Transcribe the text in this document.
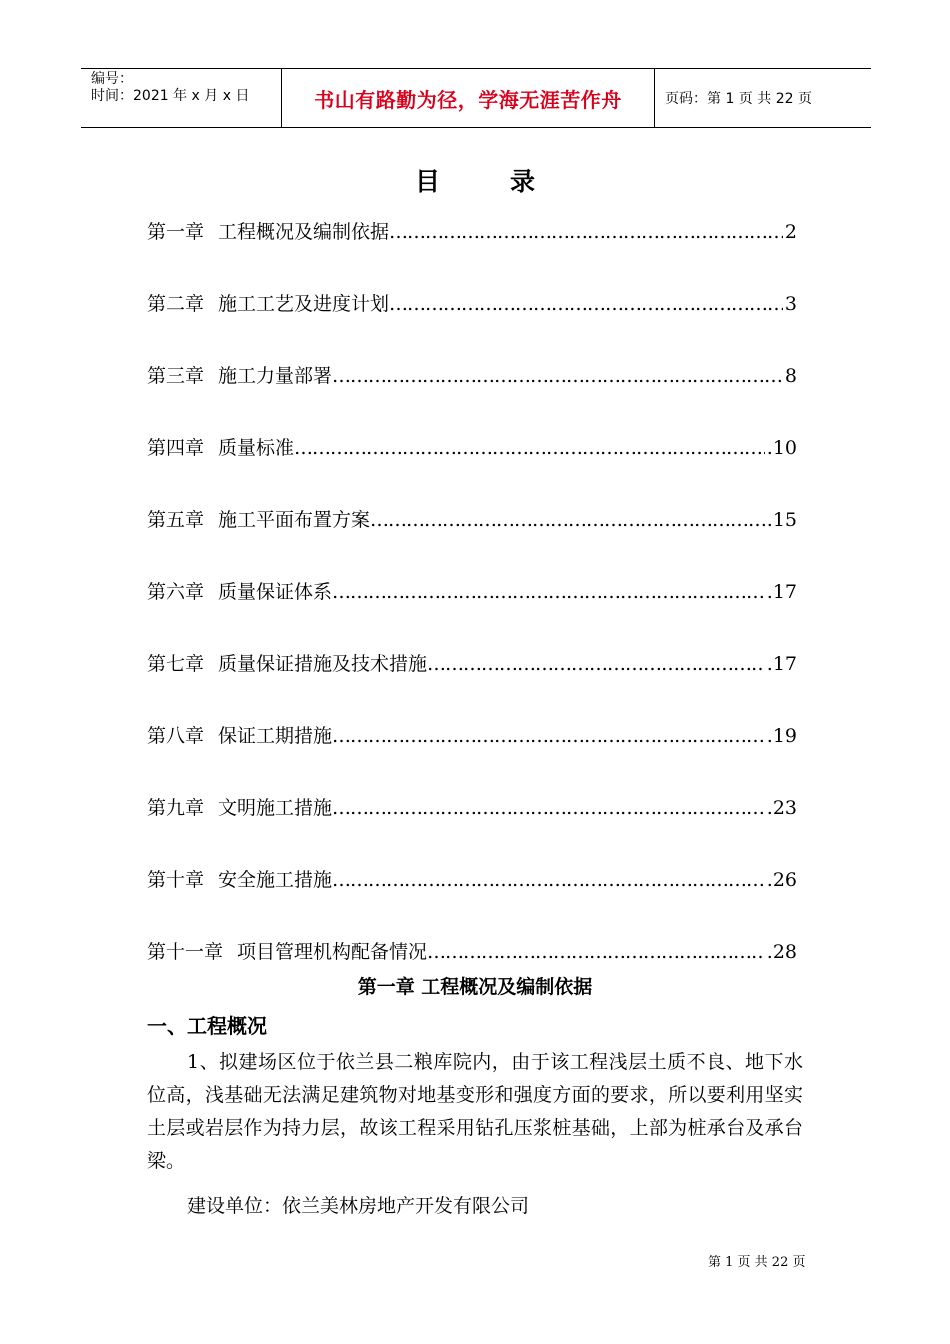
编号：
时间：2021 年 x 月 x 日	书山有路勤为径，学海无涯苦作舟	页码：第 1 页 共 22 页
目	录
第一章 工程概况及编制依据 ……………………………………………………………………………………………………………………	2
第二章 施工工艺及进度计划 ……………………………………………………………………………………………………………………	3
第三章 施工力量部署 ……………………………………………………………………………………………………………………	8
第四章 质量标准 ……………………………………………………………………………………………………………………	.10
第五章 施工平面布置方案 ……………………………………………………………………………………………………………………	.15
第六章 质量保证体系 ……………………………………………………………………………………………………………………	.17
第七章 质量保证措施及技术措施 ……………………………………………………………………………………………………………………	.17
第八章 保证工期措施 ……………………………………………………………………………………………………………………	.19
第九章 文明施工措施 ……………………………………………………………………………………………………………………	.23
第十章 安全施工措施 ……………………………………………………………………………………………………………………	.26
第十一章 项目管理机构配备情况 ……………………………………………………………………………………………………………………	.28
第一章 工程概况及编制依据
一、工程概况
1、拟建场区位于依兰县二粮库院内，由于该工程浅层土质不良、地下水位高，浅基础无法满足建筑物对地基变形和强度方面的要求，所以要利用坚实土层或岩层作为持力层，故该工程采用钻孔压浆桩基础，上部为桩承台及承台梁。
建设单位：依兰美林房地产开发有限公司
第 1 页 共 22 页
